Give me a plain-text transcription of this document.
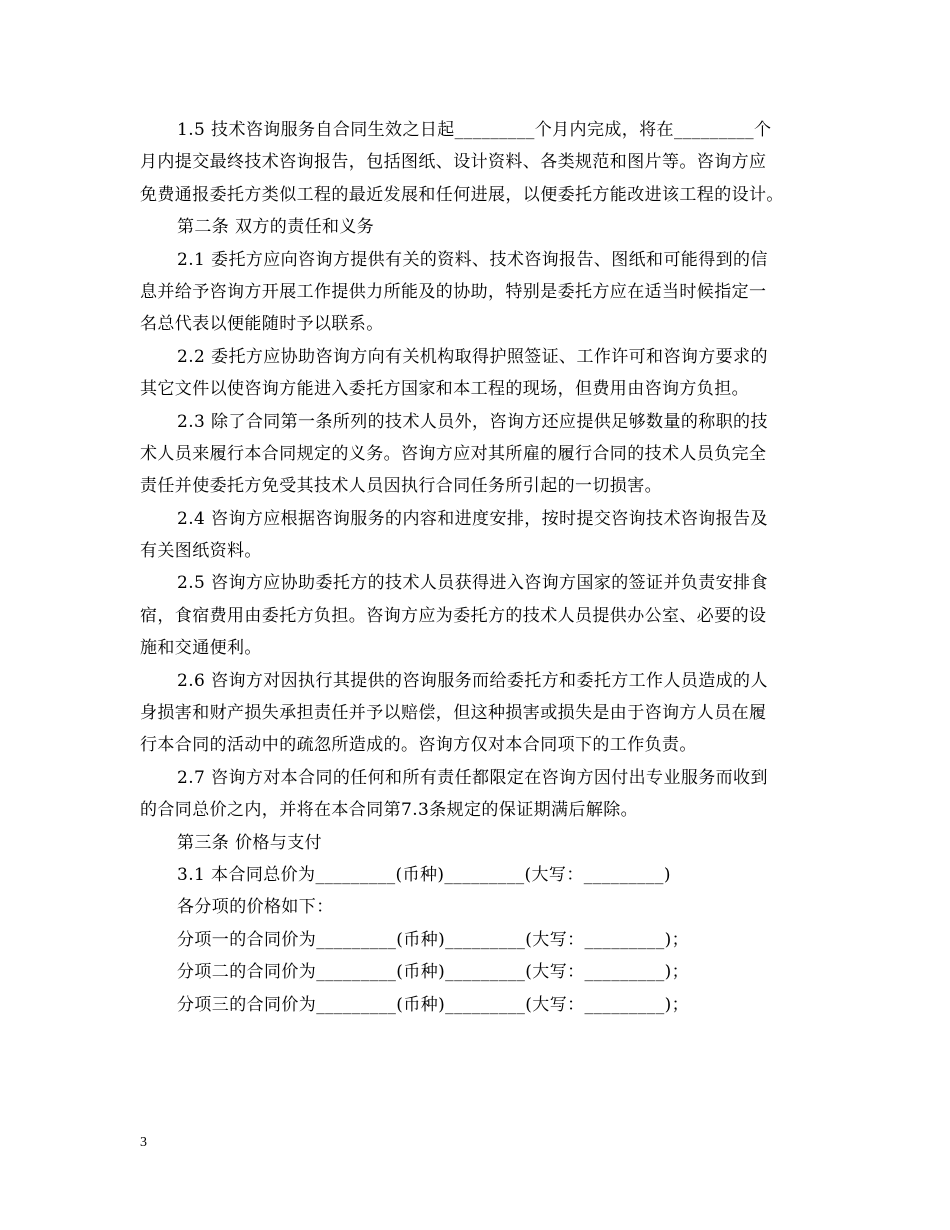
1.5 技术咨询服务自合同生效之日起_________个月内完成，将在_________个
月内提交最终技术咨询报告，包括图纸、设计资料、各类规范和图片等。咨询方应
免费通报委托方类似工程的最近发展和任何进展，以便委托方能改进该工程的设计。
第二条 双方的责任和义务
2.1 委托方应向咨询方提供有关的资料、技术咨询报告、图纸和可能得到的信
息并给予咨询方开展工作提供力所能及的协助，特别是委托方应在适当时候指定一
名总代表以便能随时予以联系。
2.2 委托方应协助咨询方向有关机构取得护照签证、工作许可和咨询方要求的
其它文件以使咨询方能进入委托方国家和本工程的现场，但费用由咨询方负担。
2.3 除了合同第一条所列的技术人员外，咨询方还应提供足够数量的称职的技
术人员来履行本合同规定的义务。咨询方应对其所雇的履行合同的技术人员负完全
责任并使委托方免受其技术人员因执行合同任务所引起的一切损害。
2.4 咨询方应根据咨询服务的内容和进度安排，按时提交咨询技术咨询报告及
有关图纸资料。
2.5 咨询方应协助委托方的技术人员获得进入咨询方国家的签证并负责安排食
宿，食宿费用由委托方负担。咨询方应为委托方的技术人员提供办公室、必要的设
施和交通便利。
2.6 咨询方对因执行其提供的咨询服务而给委托方和委托方工作人员造成的人
身损害和财产损失承担责任并予以赔偿，但这种损害或损失是由于咨询方人员在履
行本合同的活动中的疏忽所造成的。咨询方仅对本合同项下的工作负责。
2.7 咨询方对本合同的任何和所有责任都限定在咨询方因付出专业服务而收到
的合同总价之内，并将在本合同第7.3条规定的保证期满后解除。
第三条 价格与支付
3.1 本合同总价为_________(币种)_________(大写：_________)
各分项的价格如下：
分项一的合同价为_________(币种)_________(大写：_________)；
分项二的合同价为_________(币种)_________(大写：_________)；
分项三的合同价为_________(币种)_________(大写：_________)；
3
